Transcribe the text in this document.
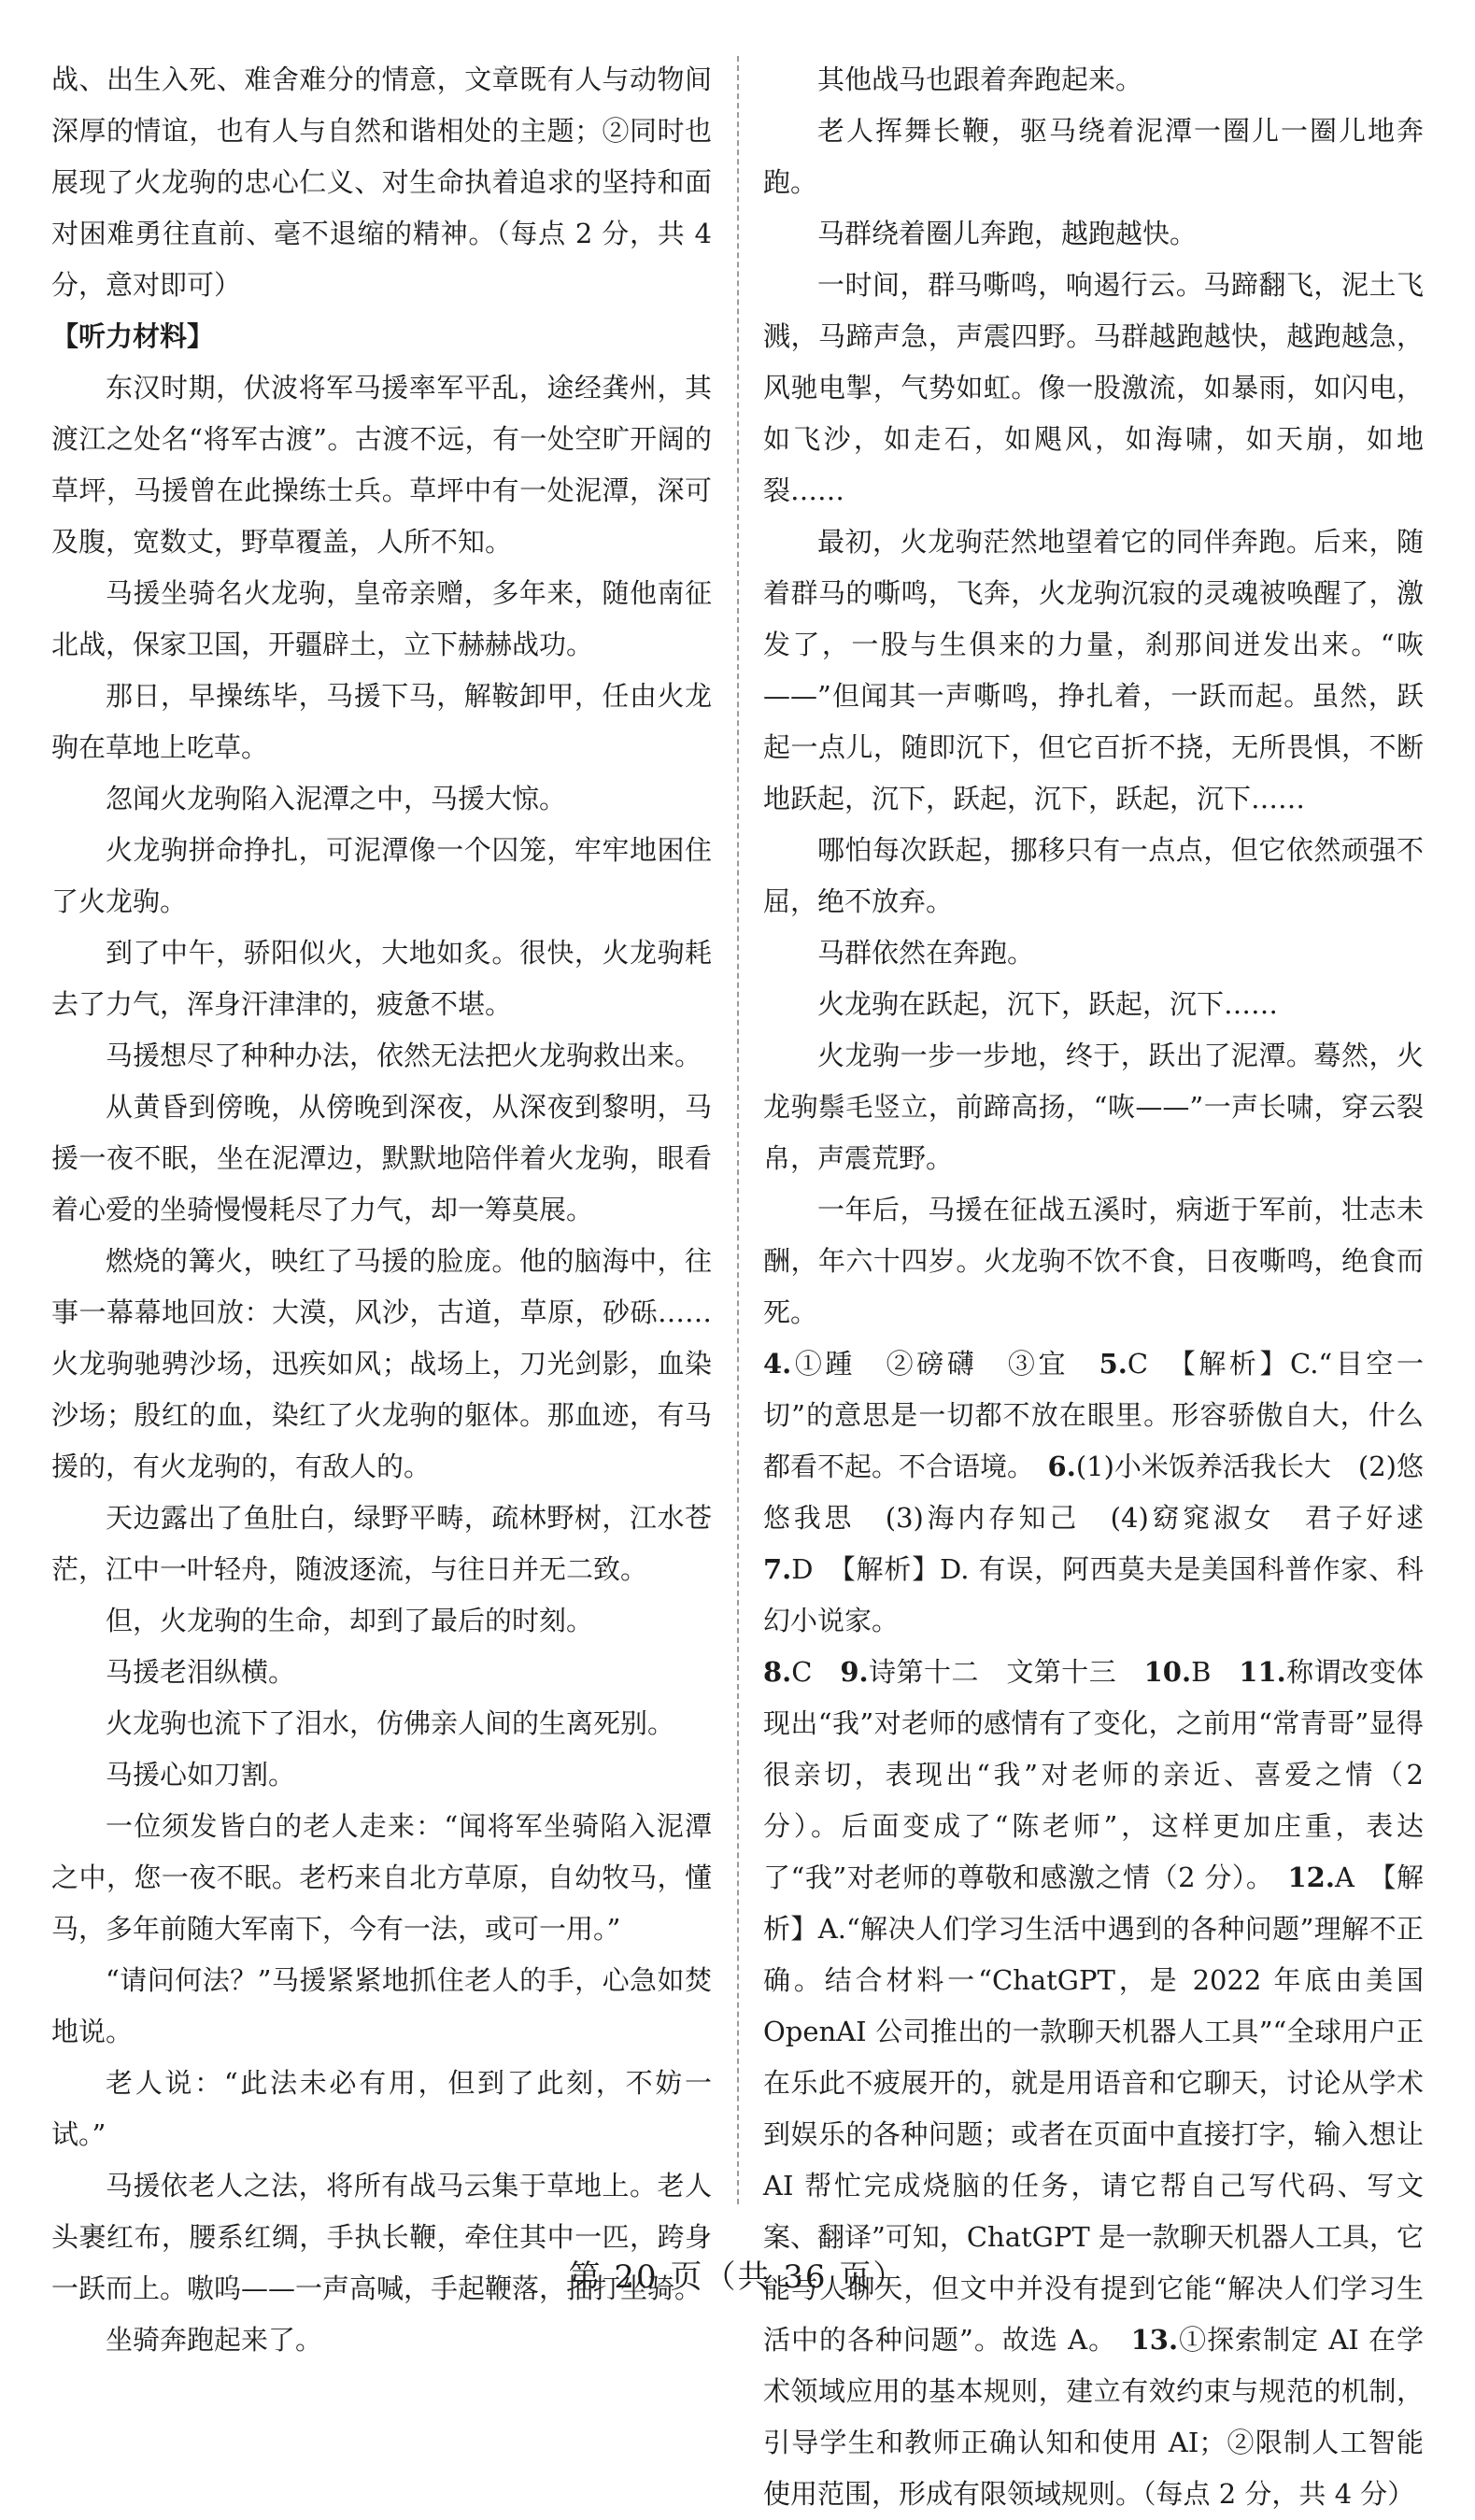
战、出生入死、难舍难分的情意，文章既有人与动物间深厚的情谊，也有人与自然和谐相处的主题；②同时也展现了火龙驹的忠心仁义、对生命执着追求的坚持和面对困难勇往直前、毫不退缩的精神。（每点 2 分，共 4 分，意对即可）

【听力材料】

东汉时期，伏波将军马援率军平乱，途经龚州，其渡江之处名“将军古渡”。古渡不远，有一处空旷开阔的草坪，马援曾在此操练士兵。草坪中有一处泥潭，深可及腹，宽数丈，野草覆盖，人所不知。

马援坐骑名火龙驹，皇帝亲赠，多年来，随他南征北战，保家卫国，开疆辟土，立下赫赫战功。

那日，早操练毕，马援下马，解鞍卸甲，任由火龙驹在草地上吃草。

忽闻火龙驹陷入泥潭之中，马援大惊。

火龙驹拼命挣扎，可泥潭像一个囚笼，牢牢地困住了火龙驹。

到了中午，骄阳似火，大地如炙。很快，火龙驹耗去了力气，浑身汗津津的，疲惫不堪。

马援想尽了种种办法，依然无法把火龙驹救出来。

从黄昏到傍晚，从傍晚到深夜，从深夜到黎明，马援一夜不眠，坐在泥潭边，默默地陪伴着火龙驹，眼看着心爱的坐骑慢慢耗尽了力气，却一筹莫展。

燃烧的篝火，映红了马援的脸庞。他的脑海中，往事一幕幕地回放：大漠，风沙，古道，草原，砂砾……火龙驹驰骋沙场，迅疾如风；战场上，刀光剑影，血染沙场；殷红的血，染红了火龙驹的躯体。那血迹，有马援的，有火龙驹的，有敌人的。

天边露出了鱼肚白，绿野平畴，疏林野树，江水苍茫，江中一叶轻舟，随波逐流，与往日并无二致。

但，火龙驹的生命，却到了最后的时刻。

马援老泪纵横。

火龙驹也流下了泪水，仿佛亲人间的生离死别。

马援心如刀割。

一位须发皆白的老人走来：“闻将军坐骑陷入泥潭之中，您一夜不眠。老朽来自北方草原，自幼牧马，懂马，多年前随大军南下，今有一法，或可一用。”

“请问何法？”马援紧紧地抓住老人的手，心急如焚地说。

老人说：“此法未必有用，但到了此刻，不妨一试。”

马援依老人之法，将所有战马云集于草地上。老人头裹红布，腰系红绸，手执长鞭，牵住其中一匹，跨身一跃而上。嗷呜——一声高喊，手起鞭落，抽打坐骑。

坐骑奔跑起来了。

其他战马也跟着奔跑起来。

老人挥舞长鞭，驱马绕着泥潭一圈儿一圈儿地奔跑。

马群绕着圈儿奔跑，越跑越快。

一时间，群马嘶鸣，响遏行云。马蹄翻飞，泥土飞溅，马蹄声急，声震四野。马群越跑越快，越跑越急，风驰电掣，气势如虹。像一股激流，如暴雨，如闪电，如飞沙，如走石，如飓风，如海啸，如天崩，如地裂……

最初，火龙驹茫然地望着它的同伴奔跑。后来，随着群马的嘶鸣，飞奔，火龙驹沉寂的灵魂被唤醒了，激发了，一股与生俱来的力量，刹那间迸发出来。“咴——”但闻其一声嘶鸣，挣扎着，一跃而起。虽然，跃起一点儿，随即沉下，但它百折不挠，无所畏惧，不断地跃起，沉下，跃起，沉下，跃起，沉下……

哪怕每次跃起，挪移只有一点点，但它依然顽强不屈，绝不放弃。

马群依然在奔跑。

火龙驹在跃起，沉下，跃起，沉下……

火龙驹一步一步地，终于，跃出了泥潭。蓦然，火龙驹鬃毛竖立，前蹄高扬，“咴——”一声长啸，穿云裂帛，声震荒野。

一年后，马援在征战五溪时，病逝于军前，壮志未酬，年六十四岁。火龙驹不饮不食，日夜嘶鸣，绝食而死。

4.①踵　②磅礴　③宜　5.C　【解析】C.“目空一切”的意思是一切都不放在眼里。形容骄傲自大，什么都看不起。不合语境。　6.(1)小米饭养活我长大　(2)悠悠我思　(3)海内存知己　(4)窈窕淑女　君子好逑　7.D　【解析】D. 有误，阿西莫夫是美国科普作家、科幻小说家。

8.C　9.诗第十二　文第十三　10.B　11.称谓改变体现出“我”对老师的感情有了变化，之前用“常青哥”显得很亲切，表现出“我”对老师的亲近、喜爱之情（2 分）。后面变成了“陈老师”，这样更加庄重，表达了“我”对老师的尊敬和感激之情（2 分）。　12.A　【解析】A.“解决人们学习生活中遇到的各种问题”理解不正确。结合材料一“ChatGPT，是 2022 年底由美国 OpenAI 公司推出的一款聊天机器人工具”“全球用户正在乐此不疲展开的，就是用语音和它聊天，讨论从学术到娱乐的各种问题；或者在页面中直接打字，输入想让 AI 帮忙完成烧脑的任务，请它帮自己写代码、写文案、翻译”可知，ChatGPT 是一款聊天机器人工具，它能与人聊天，但文中并没有提到它能“解决人们学习生活中的各种问题”。故选 A。　13.①探索制定 AI 在学术领域应用的基本规则，建立有效约束与规范的机制，引导学生和教师正确认知和使用 AI；②限制人工智能使用范围，形成有限领域规则。（每点 2 分，共 4 分）

第 20 页（共 36 页）
